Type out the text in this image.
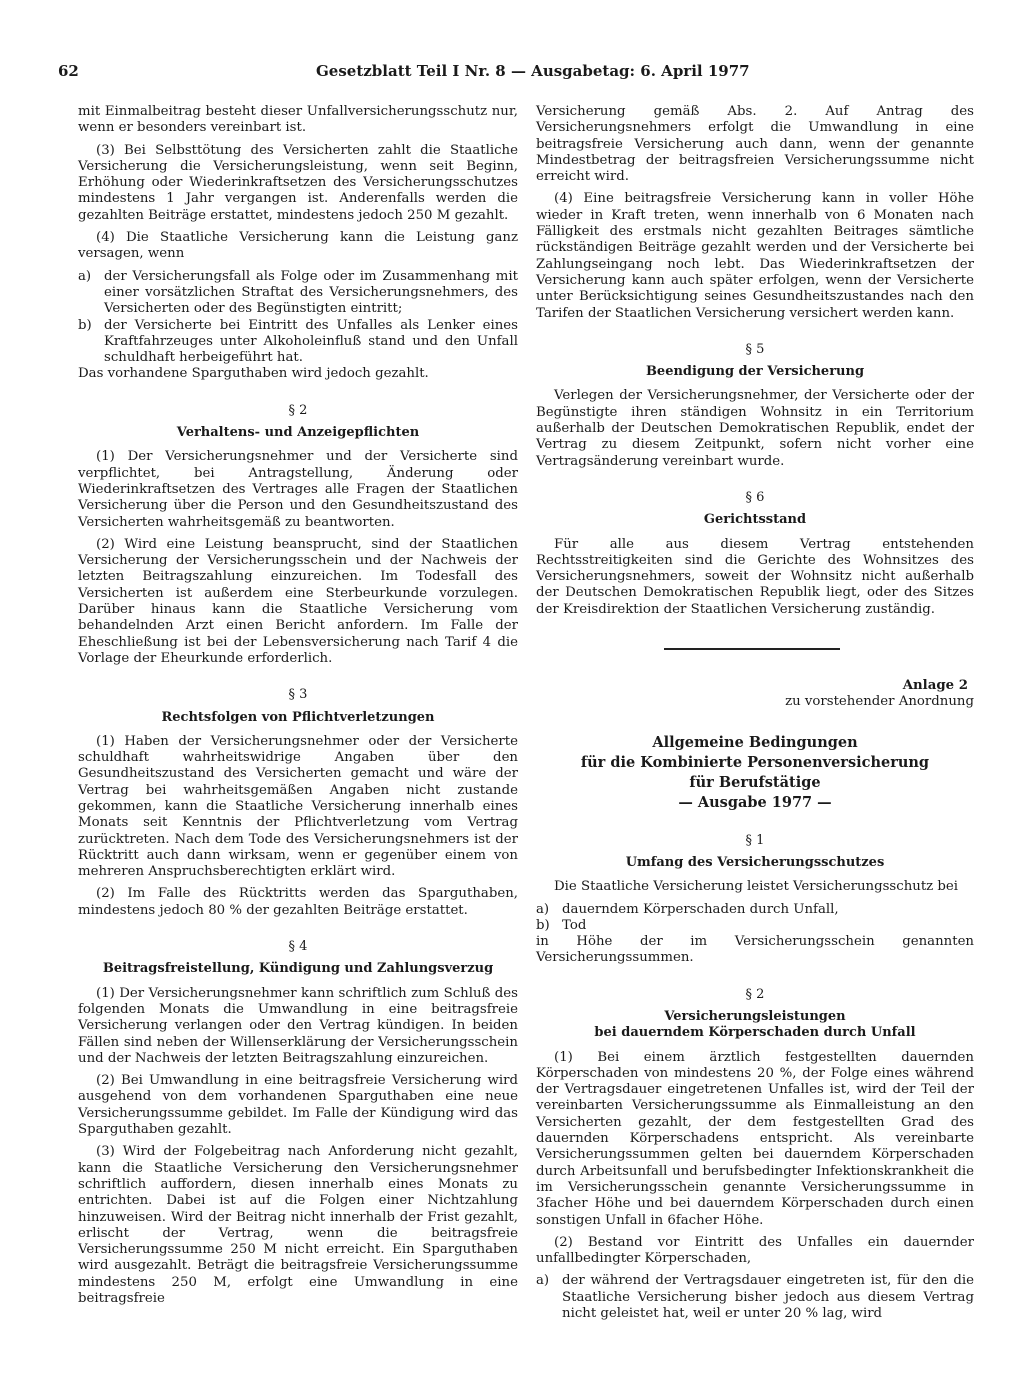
62	Gesetzblatt Teil I Nr. 8 — Ausgabetag: 6. April 1977

mit Einmalbeitrag besteht dieser Unfallversicherungsschutz nur, wenn er besonders vereinbart ist.

(3) Bei Selbsttötung des Versicherten zahlt die Staatliche Versicherung die Versicherungsleistung, wenn seit Beginn, Erhöhung oder Wiederinkraftsetzen des Versicherungsschutzes mindestens 1 Jahr vergangen ist. Anderenfalls werden die gezahlten Beiträge erstattet, mindestens jedoch 250 M gezahlt.

(4) Die Staatliche Versicherung kann die Leistung ganz versagen, wenn

a) der Versicherungsfall als Folge oder im Zusammenhang mit einer vorsätzlichen Straftat des Versicherungsnehmers, des Versicherten oder des Begünstigten eintritt;
b) der Versicherte bei Eintritt des Unfalles als Lenker eines Kraftfahrzeuges unter Alkoholeinfluß stand und den Unfall schuldhaft herbeigeführt hat.

Das vorhandene Sparguthaben wird jedoch gezahlt.

§ 2

Verhaltens- und Anzeigepflichten

(1) Der Versicherungsnehmer und der Versicherte sind verpflichtet, bei Antragstellung, Änderung oder Wiederinkraftsetzen des Vertrages alle Fragen der Staatlichen Versicherung über die Person und den Gesundheitszustand des Versicherten wahrheitsgemäß zu beantworten.

(2) Wird eine Leistung beansprucht, sind der Staatlichen Versicherung der Versicherungsschein und der Nachweis der letzten Beitragszahlung einzureichen. Im Todesfall des Versicherten ist außerdem eine Sterbeurkunde vorzulegen. Darüber hinaus kann die Staatliche Versicherung vom behandelnden Arzt einen Bericht anfordern. Im Falle der Eheschließung ist bei der Lebensversicherung nach Tarif 4 die Vorlage der Eheurkunde erforderlich.

§ 3

Rechtsfolgen von Pflichtverletzungen

(1) Haben der Versicherungsnehmer oder der Versicherte schuldhaft wahrheitswidrige Angaben über den Gesundheitszustand des Versicherten gemacht und wäre der Vertrag bei wahrheitsgemäßen Angaben nicht zustande gekommen, kann die Staatliche Versicherung innerhalb eines Monats seit Kenntnis der Pflichtverletzung vom Vertrag zurücktreten. Nach dem Tode des Versicherungsnehmers ist der Rücktritt auch dann wirksam, wenn er gegenüber einem von mehreren Anspruchsberechtigten erklärt wird.

(2) Im Falle des Rücktritts werden das Sparguthaben, mindestens jedoch 80 % der gezahlten Beiträge erstattet.

§ 4

Beitragsfreistellung, Kündigung und Zahlungsverzug

(1) Der Versicherungsnehmer kann schriftlich zum Schluß des folgenden Monats die Umwandlung in eine beitragsfreie Versicherung verlangen oder den Vertrag kündigen. In beiden Fällen sind neben der Willenserklärung der Versicherungsschein und der Nachweis der letzten Beitragszahlung einzureichen.

(2) Bei Umwandlung in eine beitragsfreie Versicherung wird ausgehend von dem vorhandenen Sparguthaben eine neue Versicherungssumme gebildet. Im Falle der Kündigung wird das Sparguthaben gezahlt.

(3) Wird der Folgebeitrag nach Anforderung nicht gezahlt, kann die Staatliche Versicherung den Versicherungsnehmer schriftlich auffordern, diesen innerhalb eines Monats zu entrichten. Dabei ist auf die Folgen einer Nichtzahlung hinzuweisen. Wird der Beitrag nicht innerhalb der Frist gezahlt, erlischt der Vertrag, wenn die beitragsfreie Versicherungssumme 250 M nicht erreicht. Ein Sparguthaben wird ausgezahlt. Beträgt die beitragsfreie Versicherungssumme mindestens 250 M, erfolgt eine Umwandlung in eine beitragsfreie

Versicherung gemäß Abs. 2. Auf Antrag des Versicherungsnehmers erfolgt die Umwandlung in eine beitragsfreie Versicherung auch dann, wenn der genannte Mindestbetrag der beitragsfreien Versicherungssumme nicht erreicht wird.

(4) Eine beitragsfreie Versicherung kann in voller Höhe wieder in Kraft treten, wenn innerhalb von 6 Monaten nach Fälligkeit des erstmals nicht gezahlten Beitrages sämtliche rückständigen Beiträge gezahlt werden und der Versicherte bei Zahlungseingang noch lebt. Das Wiederinkraftsetzen der Versicherung kann auch später erfolgen, wenn der Versicherte unter Berücksichtigung seines Gesundheitszustandes nach den Tarifen der Staatlichen Versicherung versichert werden kann.

§ 5

Beendigung der Versicherung

Verlegen der Versicherungsnehmer, der Versicherte oder der Begünstigte ihren ständigen Wohnsitz in ein Territorium außerhalb der Deutschen Demokratischen Republik, endet der Vertrag zu diesem Zeitpunkt, sofern nicht vorher eine Vertragsänderung vereinbart wurde.

§ 6

Gerichtsstand

Für alle aus diesem Vertrag entstehenden Rechtsstreitigkeiten sind die Gerichte des Wohnsitzes des Versicherungsnehmers, soweit der Wohnsitz nicht außerhalb der Deutschen Demokratischen Republik liegt, oder des Sitzes der Kreisdirektion der Staatlichen Versicherung zuständig.

Anlage 2

zu vorstehender Anordnung

Allgemeine Bedingungen
für die Kombinierte Personenversicherung
für Berufstätige
— Ausgabe 1977 —

§ 1

Umfang des Versicherungsschutzes

Die Staatliche Versicherung leistet Versicherungsschutz bei

a) dauerndem Körperschaden durch Unfall,
b) Tod

in Höhe der im Versicherungsschein genannten Versicherungssummen.

§ 2

Versicherungsleistungen
bei dauerndem Körperschaden durch Unfall

(1) Bei einem ärztlich festgestellten dauernden Körperschaden von mindestens 20 %, der Folge eines während der Vertragsdauer eingetretenen Unfalles ist, wird der Teil der vereinbarten Versicherungssumme als Einmalleistung an den Versicherten gezahlt, der dem festgestellten Grad des dauernden Körperschadens entspricht. Als vereinbarte Versicherungssummen gelten bei dauerndem Körperschaden durch Arbeitsunfall und berufsbedingter Infektionskrankheit die im Versicherungsschein genannte Versicherungssumme in 3facher Höhe und bei dauerndem Körperschaden durch einen sonstigen Unfall in 6facher Höhe.

(2) Bestand vor Eintritt des Unfalles ein dauernder unfallbedingter Körperschaden,

a) der während der Vertragsdauer eingetreten ist, für den die Staatliche Versicherung bisher jedoch aus diesem Vertrag nicht geleistet hat, weil er unter 20 % lag, wird
